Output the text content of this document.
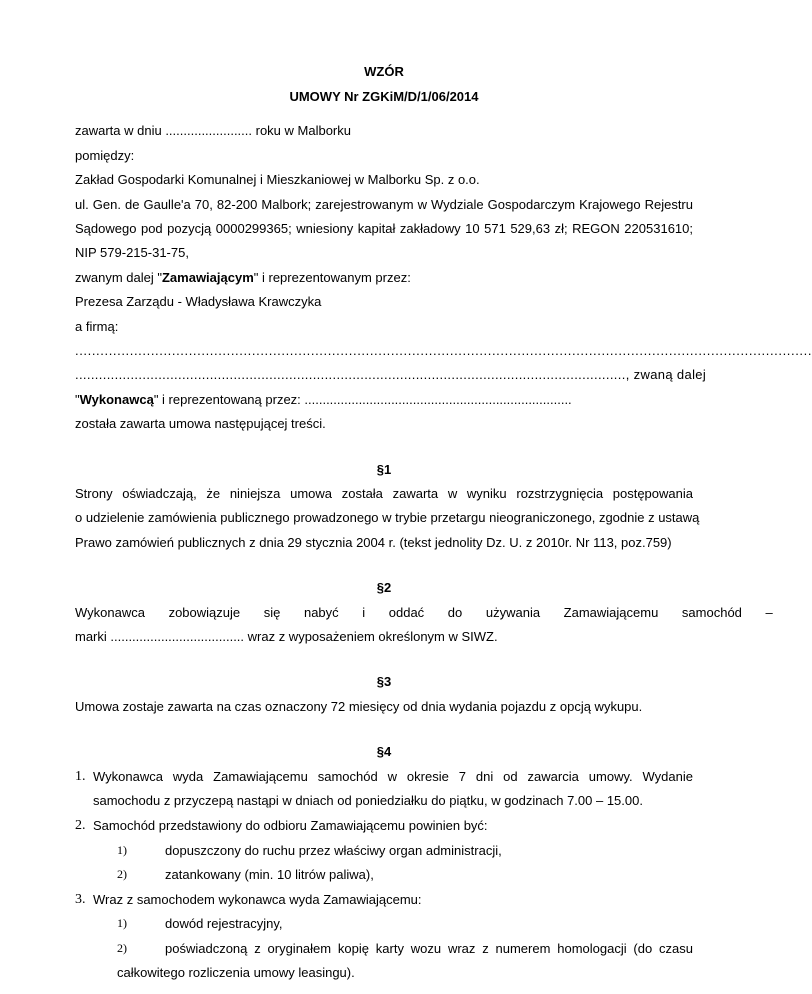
WZÓR
UMOWY Nr ZGKiM/D/1/06/2014
zawarta w dniu ........................ roku w Malborku
pomiędzy:
Zakład Gospodarki Komunalnej i Mieszkaniowej w Malborku Sp. z o.o.
ul. Gen. de Gaulle'a 70, 82-200 Malbork; zarejestrowanym w Wydziale Gospodarczym Krajowego Rejestru
Sądowego pod pozycją 0000299365; wniesiony kapitał zakładowy 10 571 529,63 zł; REGON 220531610;
NIP 579-215-31-75,
zwanym dalej "Zamawiającym" i reprezentowanym przez:
Prezesa Zarządu - Władysława Krawczyka
a firmą:
...............................................................................................................................................................................
..........................................................................................................................................., zwaną dalej
"Wykonawcą" i reprezentowaną przez: ..........................................................................
została zawarta umowa następującej treści.
§1
Strony oświadczają, że niniejsza umowa została zawarta w wyniku rozstrzygnięcia postępowania
o udzielenie zamówienia publicznego prowadzonego w trybie przetargu nieograniczonego, zgodnie z ustawą
Prawo zamówień publicznych z dnia 29 stycznia 2004 r. (tekst jednolity Dz. U. z 2010r. Nr 113, poz.759)
§2
Wykonawca zobowiązuje się nabyć i oddać do używania Zamawiającemu samochód –
marki ..................................... wraz z wyposażeniem określonym w SIWZ.
§3
Umowa zostaje zawarta na czas oznaczony 72 miesięcy od dnia wydania pojazdu z opcją wykupu.
§4
1. Wykonawca wyda Zamawiającemu samochód w okresie 7 dni od zawarcia umowy. Wydanie
samochodu z przyczepą nastąpi w dniach od poniedziałku do piątku, w godzinach 7.00 – 15.00.
2. Samochód przedstawiony do odbioru Zamawiającemu powinien być:
1)	dopuszczony do ruchu przez właściwy organ administracji,
2)	zatankowany (min. 10 litrów paliwa),
3. Wraz z samochodem wykonawca wyda Zamawiającemu:
1)	dowód rejestracyjny,
2)	poświadczoną z oryginałem kopię karty wozu wraz z numerem homologacji (do czasu
całkowitego rozliczenia umowy leasingu).
